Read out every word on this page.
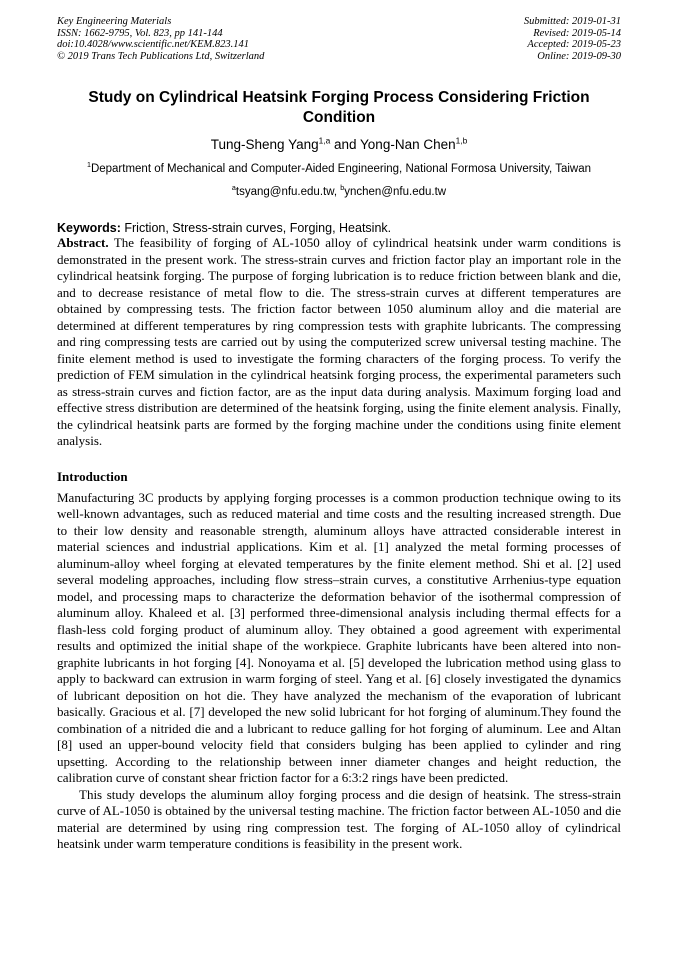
Key Engineering Materials
ISSN: 1662-9795, Vol. 823, pp 141-144
doi:10.4028/www.scientific.net/KEM.823.141
© 2019 Trans Tech Publications Ltd, Switzerland
Submitted: 2019-01-31
Revised: 2019-05-14
Accepted: 2019-05-23
Online: 2019-09-30
Study on Cylindrical Heatsink Forging Process Considering Friction Condition
Tung-Sheng Yang$^{1,a}$ and Yong-Nan Chen$^{1,b}$
$^1$Department of Mechanical and Computer-Aided Engineering, National Formosa University, Taiwan
$^a$tsyang@nfu.edu.tw, $^b$ynchen@nfu.edu.tw
Keywords: Friction, Stress-strain curves, Forging, Heatsink.

Abstract. The feasibility of forging of AL-1050 alloy of cylindrical heatsink under warm conditions is demonstrated in the present work. The stress-strain curves and friction factor play an important role in the cylindrical heatsink forging. The purpose of forging lubrication is to reduce friction between blank and die, and to decrease resistance of metal flow to die. The stress-strain curves at different temperatures are obtained by compressing tests. The friction factor between 1050 aluminum alloy and die material are determined at different temperatures by ring compression tests with graphite lubricants. The compressing and ring compressing tests are carried out by using the computerized screw universal testing machine. The finite element method is used to investigate the forming characters of the forging process. To verify the prediction of FEM simulation in the cylindrical heatsink forging process, the experimental parameters such as stress-strain curves and fiction factor, are as the input data during analysis. Maximum forging load and effective stress distribution are determined of the heatsink forging, using the finite element analysis. Finally, the cylindrical heatsink parts are formed by the forging machine under the conditions using finite element analysis.

Introduction

Manufacturing 3C products by applying forging processes is a common production technique owing to its well-known advantages, such as reduced material and time costs and the resulting increased strength. Due to their low density and reasonable strength, aluminum alloys have attracted considerable interest in material sciences and industrial applications. Kim et al. [1] analyzed the metal forming processes of aluminum-alloy wheel forging at elevated temperatures by the finite element method. Shi et al. [2] used several modeling approaches, including flow stress–strain curves, a constitutive Arrhenius-type equation model, and processing maps to characterize the deformation behavior of the isothermal compression of aluminum alloy. Khaleed et al. [3] performed three-dimensional analysis including thermal effects for a flash-less cold forging product of aluminum alloy. They obtained a good agreement with experimental results and optimized the initial shape of the workpiece. Graphite lubricants have been altered into non-graphite lubricants in hot forging [4]. Nonoyama et al. [5] developed the lubrication method using glass to apply to backward can extrusion in warm forging of steel. Yang et al. [6] closely investigated the dynamics of lubricant deposition on hot die. They have analyzed the mechanism of the evaporation of lubricant basically. Gracious et al. [7] developed the new solid lubricant for hot forging of aluminum.They found the combination of a nitrided die and a lubricant to reduce galling for hot forging of aluminum. Lee and Altan [8] used an upper-bound velocity field that considers bulging has been applied to cylinder and ring upsetting. According to the relationship between inner diameter changes and height reduction, the calibration curve of constant shear friction factor for a 6:3:2 rings have been predicted.

This study develops the aluminum alloy forging process and die design of heatsink. The stress-strain curve of AL-1050 is obtained by the universal testing machine. The friction factor between AL-1050 and die material are determined by using ring compression test. The forging of AL-1050 alloy of cylindrical heatsink under warm temperature conditions is feasibility in the present work.
